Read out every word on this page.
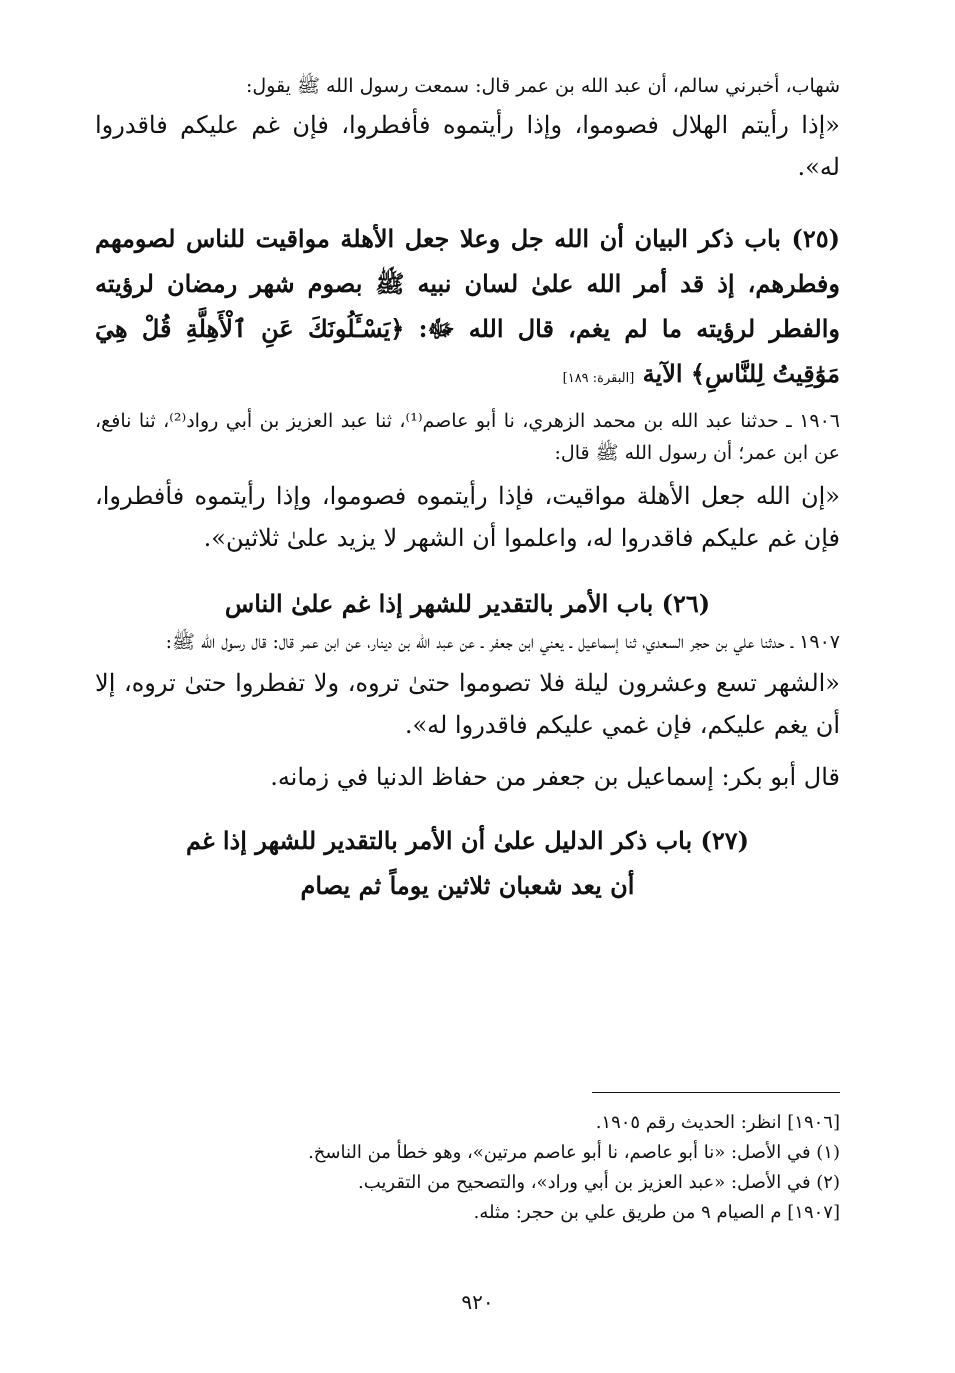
شهاب، أخبرني سالم، أن عبد الله بن عمر قال: سمعت رسول الله ﷺ يقول:

«إذا رأيتم الهلال فصوموا، وإذا رأيتموه فأفطروا، فإن غم عليكم فاقدروا له».

(٢٥) باب ذكر البيان أن الله جل وعلا جعل الأهلة مواقيت للناس لصومهم وفطرهم، إذ قد أمر الله علىٰ لسان نبيه ﷺ بصوم شهر رمضان لرؤيته والفطر لرؤيته ما لم يغم، قال الله ﷻ: ﴿يَسْـَٔلُونَكَ عَنِ ٱلْأَهِلَّةِ قُلْ هِيَ مَوَٰقِيتُ لِلنَّاسِ﴾ الآية [البقرة: ١٨٩]

١٩٠٦ ـ حدثنا عبد الله بن محمد الزهري، نا أبو عاصم⁽¹⁾، ثنا عبد العزيز بن أبي رواد⁽²⁾، ثنا نافع، عن ابن عمر؛ أن رسول الله ﷺ قال:

«إن الله جعل الأهلة مواقيت، فإذا رأيتموه فصوموا، وإذا رأيتموه فأفطروا، فإن غم عليكم فاقدروا له، واعلموا أن الشهر لا يزيد علىٰ ثلاثين».

(٢٦) باب الأمر بالتقدير للشهر إذا غم علىٰ الناس

١٩٠٧ ـ حدثنا علي بن حجر السعدي، ثنا إسماعيل ـ يعني ابن جعفر ـ عن عبد الله بن دينار، عن ابن عمر قال: قال رسول الله ﷺ:

«الشهر تسع وعشرون ليلة فلا تصوموا حتىٰ تروه، ولا تفطروا حتىٰ تروه، إلا أن يغم عليكم، فإن غمي عليكم فاقدروا له».

قال أبو بكر: إسماعيل بن جعفر من حفاظ الدنيا في زمانه.

(٢٧) باب ذكر الدليل علىٰ أن الأمر بالتقدير للشهر إذا غم
أن يعد شعبان ثلاثين يوماً ثم يصام

[١٩٠٦] انظر: الحديث رقم ١٩٠٥.

(١) في الأصل: «نا أبو عاصم، نا أبو عاصم مرتين»، وهو خطأ من الناسخ.

(٢) في الأصل: «عبد العزيز بن أبي وراد»، والتصحيح من التقريب.

[١٩٠٧] م الصيام ٩ من طريق علي بن حجر: مثله.

٩٢٠
